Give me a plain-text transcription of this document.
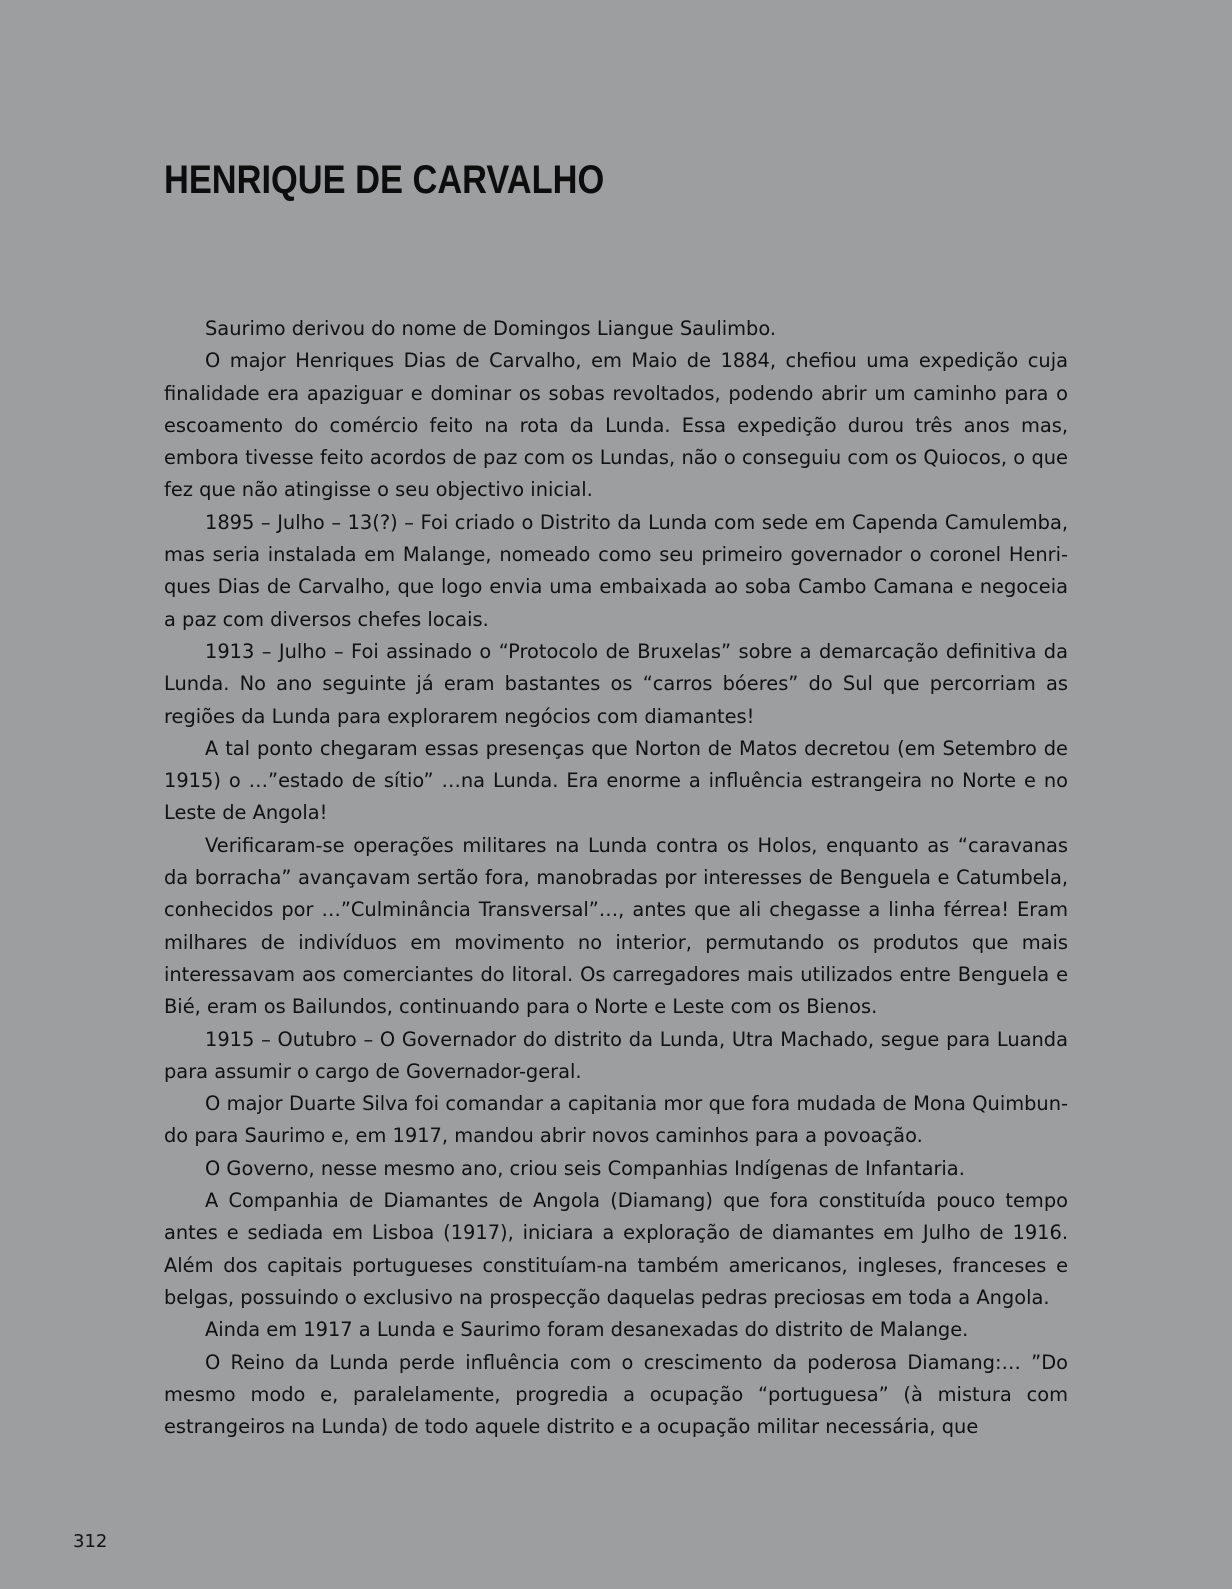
HENRIQUE DE CARVALHO

Saurimo derivou do nome de Domingos Liangue Saulimbo.

O major Henriques Dias de Carvalho, em Maio de 1884, chefiou uma expedição cuja finalidade era apaziguar e dominar os sobas revoltados, podendo abrir um caminho para o escoamento do comércio feito na rota da Lunda. Essa expedição durou três anos mas, embora tivesse feito acordos de paz com os Lundas, não o conseguiu com os Quiocos, o que fez que não atingisse o seu objectivo inicial.

1895 – Julho – 13(?) – Foi criado o Distrito da Lunda com sede em Capenda Camulemba, mas seria instalada em Malange, nomeado como seu primeiro governador o coronel Henriques Dias de Carvalho, que logo envia uma embaixada ao soba Cambo Camana e negoceia a paz com diversos chefes locais.

1913 – Julho – Foi assinado o “Protocolo de Bruxelas” sobre a demarcação definitiva da Lunda. No ano seguinte já eram bastantes os “carros bóeres” do Sul que percorriam as regiões da Lunda para explorarem negócios com diamantes!

A tal ponto chegaram essas presenças que Norton de Matos decretou (em Setembro de 1915) o …”estado de sítio” …na Lunda. Era enorme a influência estrangeira no Norte e no Leste de Angola!

Verificaram-se operações militares na Lunda contra os Holos, enquanto as “caravanas da borracha” avançavam sertão fora, manobradas por interesses de Benguela e Catumbela, conhecidos por …”Culminância Transversal”…, antes que ali chegasse a linha férrea! Eram milhares de indivíduos em movimento no interior, permutando os produtos que mais interessavam aos comerciantes do litoral. Os carregadores mais utilizados entre Benguela e Bié, eram os Bailundos, continuando para o Norte e Leste com os Bienos.

1915 – Outubro – O Governador do distrito da Lunda, Utra Machado, segue para Luanda para assumir o cargo de Governador-geral.

O major Duarte Silva foi comandar a capitania mor que fora mudada de Mona Quimbundo para Saurimo e, em 1917, mandou abrir novos caminhos para a povoação.

O Governo, nesse mesmo ano, criou seis Companhias Indígenas de Infantaria.

A Companhia de Diamantes de Angola (Diamang) que fora constituída pouco tempo antes e sediada em Lisboa (1917), iniciara a exploração de diamantes em Julho de 1916. Além dos capitais portugueses constituíam-na também americanos, ingleses, franceses e belgas, possuindo o exclusivo na prospecção daquelas pedras preciosas em toda a Angola.

Ainda em 1917 a Lunda e Saurimo foram desanexadas do distrito de Malange.

O Reino da Lunda perde influência com o crescimento da poderosa Diamang:… ”Do mesmo modo e, paralelamente, progredia a ocupação “portuguesa” (à mistura com estrangeiros na Lunda) de todo aquele distrito e a ocupação militar necessária, que

312
